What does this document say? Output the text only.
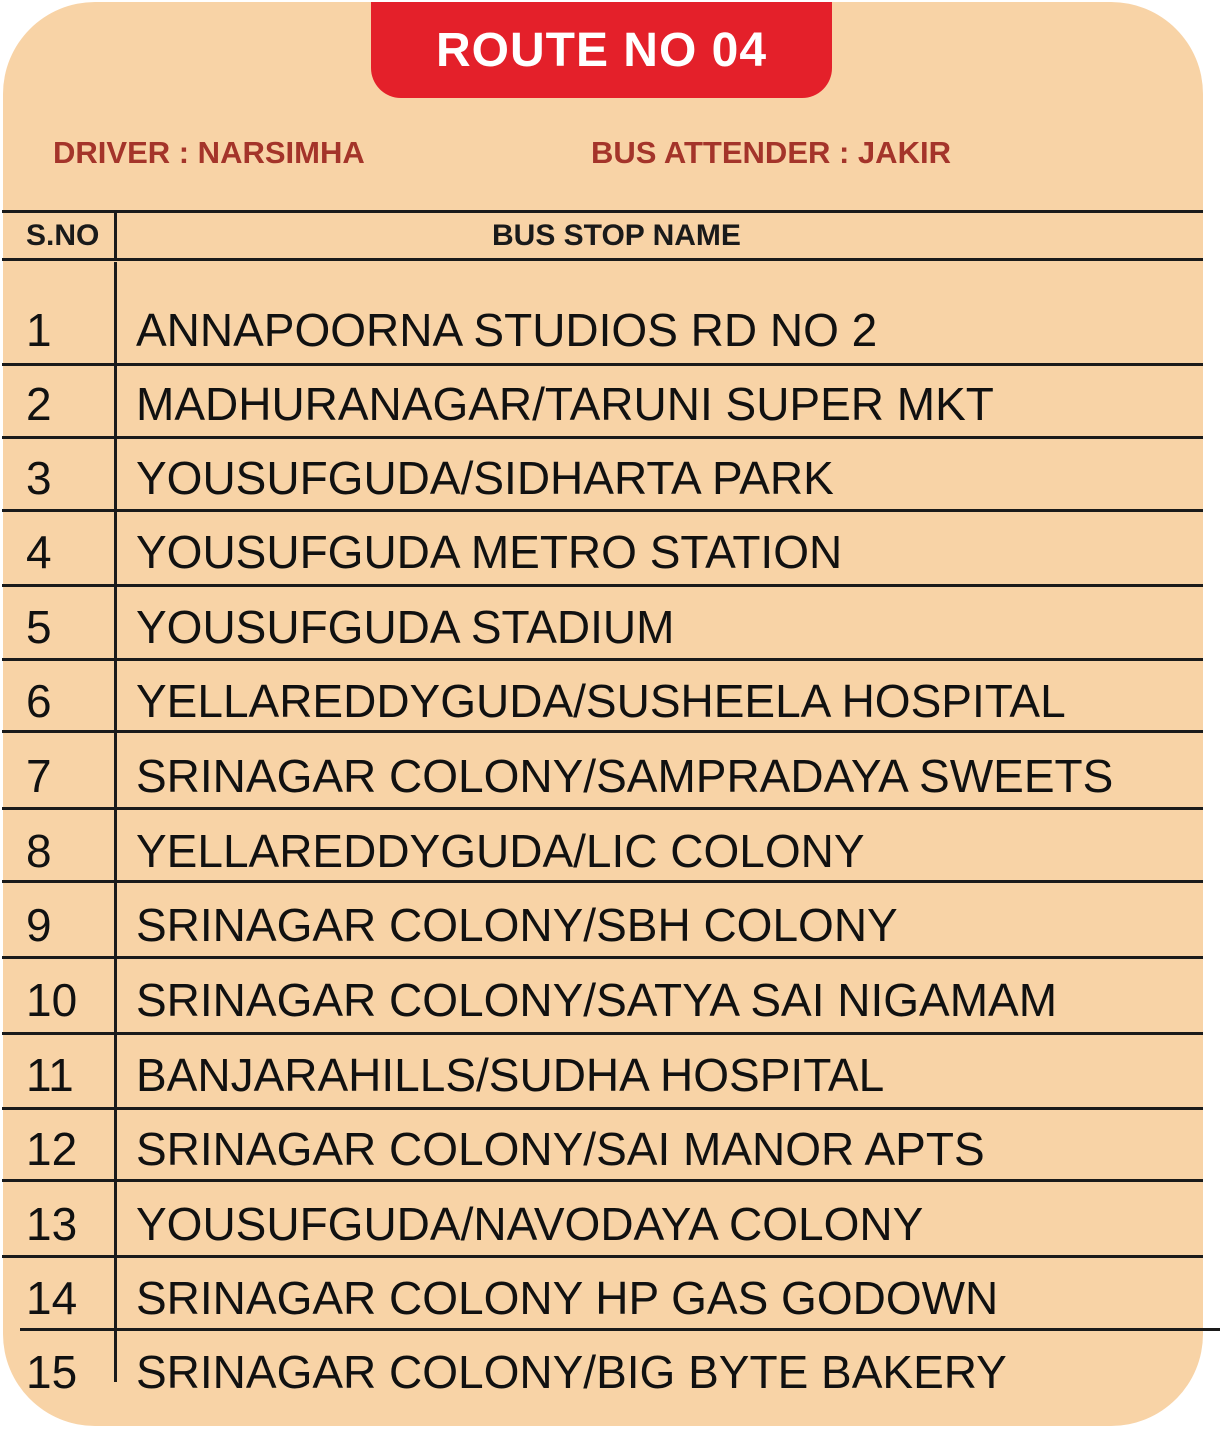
ROUTE NO 04
DRIVER : NARSIMHA	BUS ATTENDER : JAKIR
S.NO	BUS STOP NAME
1 ANNAPOORNA STUDIOS RD NO 2
2 MADHURANAGAR/TARUNI SUPER MKT
3 YOUSUFGUDA/SIDHARTA PARK
4 YOUSUFGUDA METRO STATION
5 YOUSUFGUDA STADIUM
6 YELLAREDDYGUDA/SUSHEELA HOSPITAL
7 SRINAGAR COLONY/SAMPRADAYA SWEETS
8 YELLAREDDYGUDA/LIC COLONY
9 SRINAGAR COLONY/SBH COLONY
10 SRINAGAR COLONY/SATYA SAI NIGAMAM
11 BANJARAHILLS/SUDHA HOSPITAL
12 SRINAGAR COLONY/SAI MANOR APTS
13 YOUSUFGUDA/NAVODAYA COLONY
14 SRINAGAR COLONY HP GAS GODOWN
15 SRINAGAR COLONY/BIG BYTE BAKERY
